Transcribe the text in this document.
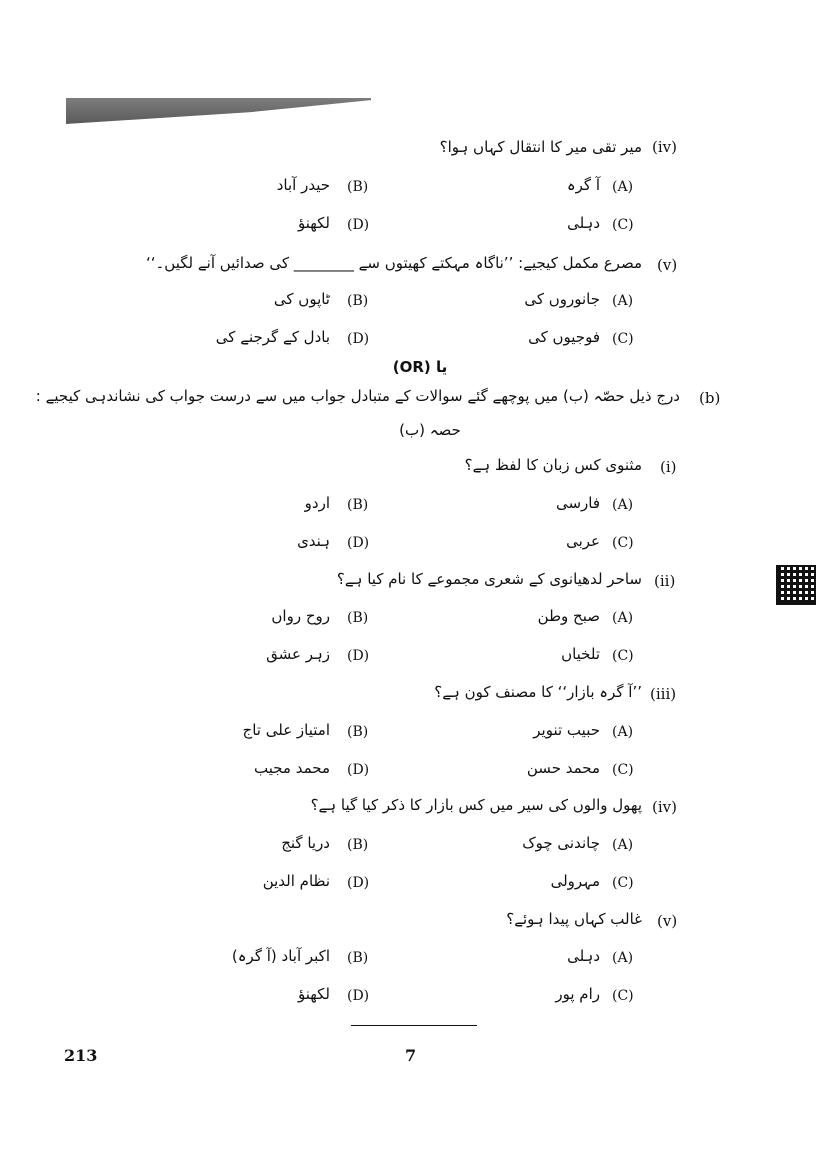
(iv)
میر تقی میر کا انتقال کہاں ہوا؟
(A)
آ گرہ
(B)
حیدر آباد
(C)
دہلی
(D)
لکھنؤ
(v)
مصرع مکمل کیجیے: ’’ناگاہ مہکتے کھیتوں سے ________ کی صدائیں آنے لگیں۔‘‘
(A)
جانوروں کی
(B)
ٹاپوں کی
(C)
فوجیوں کی
(D)
بادل کے گرجنے کی
یا (OR)
(b)
درج ذیل حصّہ (ب) میں پوچھے گئے سوالات کے متبادل جواب میں سے درست جواب کی نشاندہی کیجیے :
حصہ (ب)
(i)
مثنوی کس زبان کا لفظ ہے؟
(A)
فارسی
(B)
اردو
(C)
عربی
(D)
ہندی
(ii)
ساحر لدھیانوی کے شعری مجموعے کا نام کیا ہے؟
(A)
صبح وطن
(B)
روح رواں
(C)
تلخیاں
(D)
زہر عشق
(iii)
’’آ گرہ بازار‘‘ کا مصنف کون ہے؟
(A)
حبیب تنویر
(B)
امتیاز علی تاج
(C)
محمد حسن
(D)
محمد مجیب
(iv)
پھول والوں کی سیر میں کس بازار کا ذکر کیا گیا ہے؟
(A)
چاندنی چوک
(B)
دریا گنج
(C)
مہرولی
(D)
نظام الدین
(v)
غالب کہاں پیدا ہوئے؟
(A)
دہلی
(B)
اکبر آباد (آ گرہ)
(C)
رام پور
(D)
لکھنؤ
213	7
